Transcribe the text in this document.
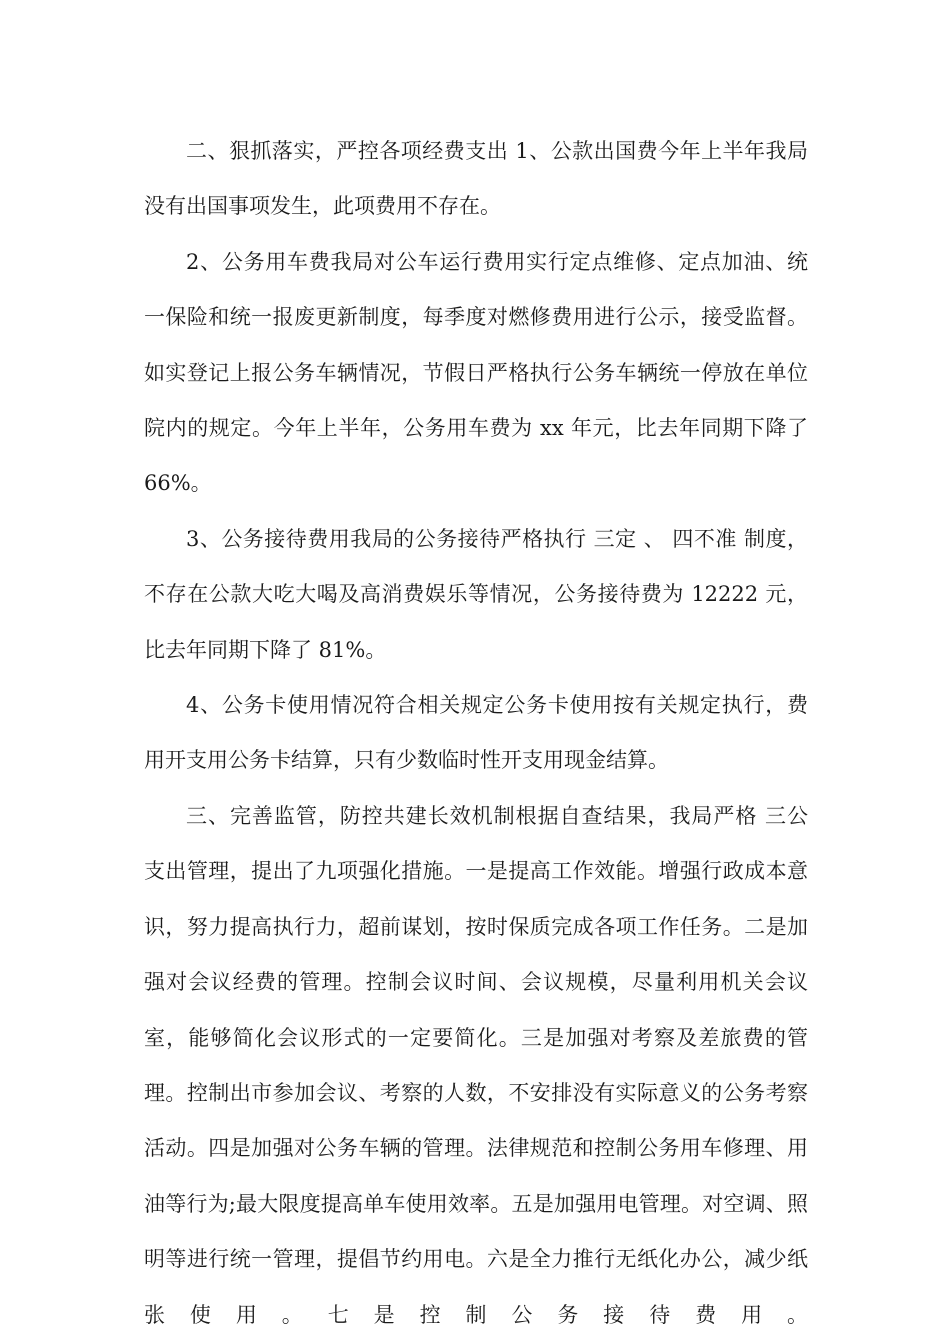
二、狠抓落实，严控各项经费支出 1、公款出国费今年上半年我局没有出国事项发生，此项费用不存在。

2、公务用车费我局对公车运行费用实行定点维修、定点加油、统一保险和统一报废更新制度，每季度对燃修费用进行公示，接受监督。如实登记上报公务车辆情况，节假日严格执行公务车辆统一停放在单位院内的规定。今年上半年，公务用车费为 xx 年元，比去年同期下降了 66%。

3、公务接待费用我局的公务接待严格执行 三定 、 四不准 制度，不存在公款大吃大喝及高消费娱乐等情况，公务接待费为 12222 元，比去年同期下降了 81%。

4、公务卡使用情况符合相关规定公务卡使用按有关规定执行，费用开支用公务卡结算，只有少数临时性开支用现金结算。

三、完善监管，防控共建长效机制根据自查结果，我局严格 三公 支出管理，提出了九项强化措施。一是提高工作效能。增强行政成本意识，努力提高执行力，超前谋划，按时保质完成各项工作任务。二是加强对会议经费的管理。控制会议时间、会议规模，尽量利用机关会议室，能够简化会议形式的一定要简化。三是加强对考察及差旅费的管理。控制出市参加会议、考察的人数，不安排没有实际意义的公务考察活动。四是加强对公务车辆的管理。法律规范和控制公务用车修理、用油等行为;最大限度提高单车使用效率。五是加强用电管理。对空调、照明等进行统一管理，提倡节约用电。六是全力推行无纸化办公，减少纸张使用。七是控制公务接待费用。
